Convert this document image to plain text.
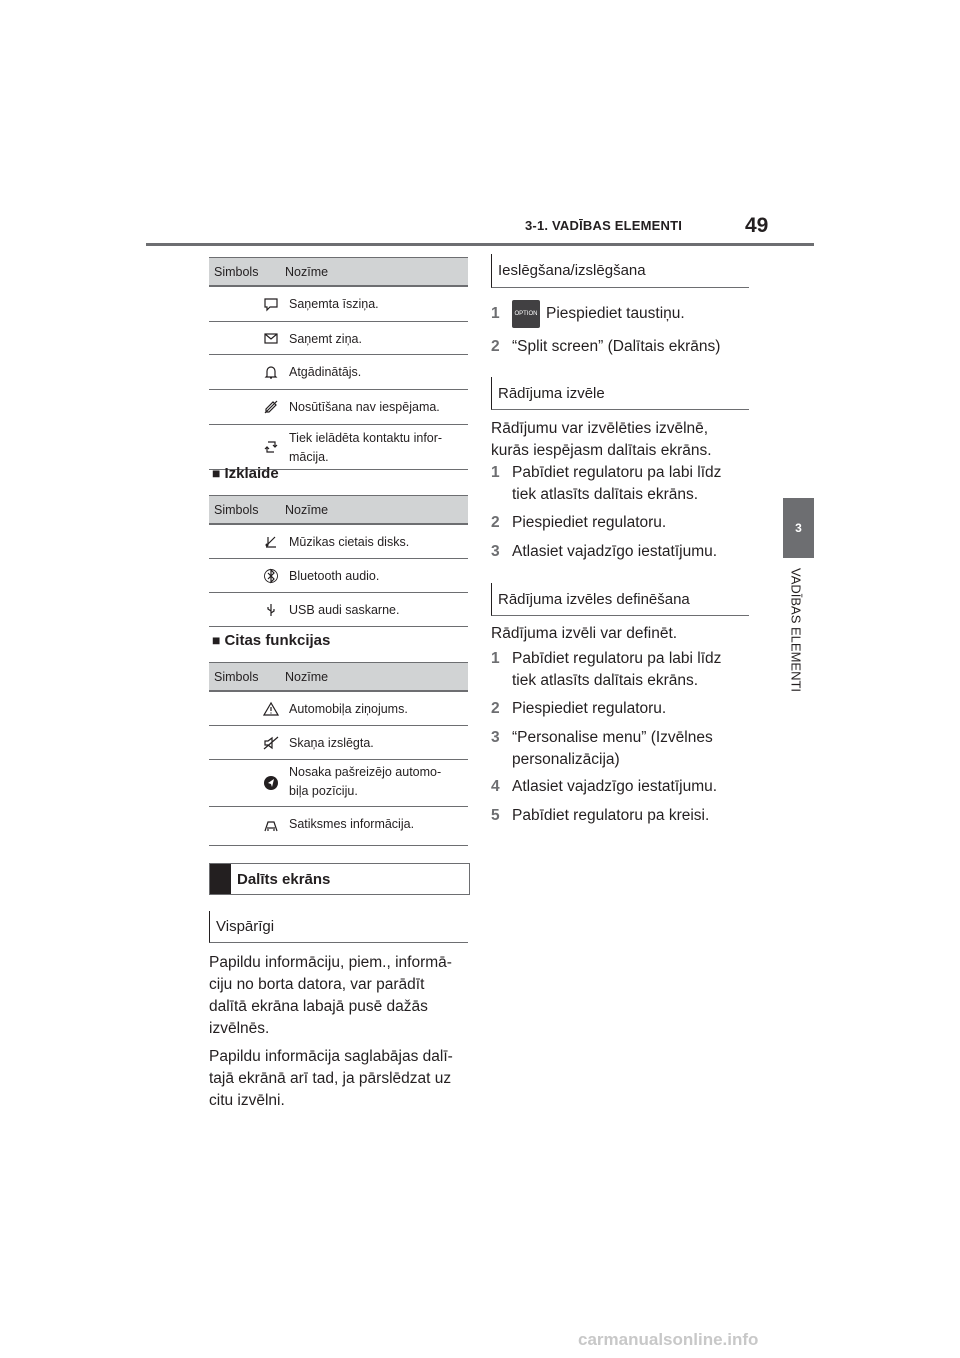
3-1. VADĪBAS ELEMENTI	49
3
VADĪBAS ELEMENTI
Simbols	Nozīme
Saņemta īsziņa.
Saņemt ziņa.
Atgādinātājs.
Nosūtīšana nav iespējama.
Tiek ielādēta kontaktu infor-
mācija.
■ Izklaide
Simbols	Nozīme
Mūzikas cietais disks.
Bluetooth audio.
USB audi saskarne.
■ Citas funkcijas
Simbols	Nozīme
Automobiļa ziņojums.
Skaņa izslēgta.
Nosaka pašreizējo automo-
biļa pozīciju.
Satiksmes informācija.
Dalīts ekrāns
Vispārīgi
Papildu informāciju, piem., informā-
ciju no borta datora, var parādīt
dalītā ekrāna labajā pusē dažās
izvēlnēs.
Papildu informācija saglabājas dalī-
tajā ekrānā arī tad, ja pārslēdzat uz
citu izvēlni.
Ieslēgšana/izslēgšana
1	OPTION Piespiediet taustiņu.
2 “Split screen” (Dalītais ekrāns)
Rādījuma izvēle
Rādījumu var izvēlēties izvēlnē,
kurās iespējasm dalītais ekrāns.
1 Pabīdiet regulatoru pa labi līdz
tiek atlasīts dalītais ekrāns.
2 Piespiediet regulatoru.
3 Atlasiet vajadzīgo iestatījumu.
Rādījuma izvēles definēšana
Rādījuma izvēli var definēt.
1 Pabīdiet regulatoru pa labi līdz
tiek atlasīts dalītais ekrāns.
2 Piespiediet regulatoru.
3 “Personalise menu” (Izvēlnes
personalizācija)
4 Atlasiet vajadzīgo iestatījumu.
5 Pabīdiet regulatoru pa kreisi.
carmanualsonline.info
